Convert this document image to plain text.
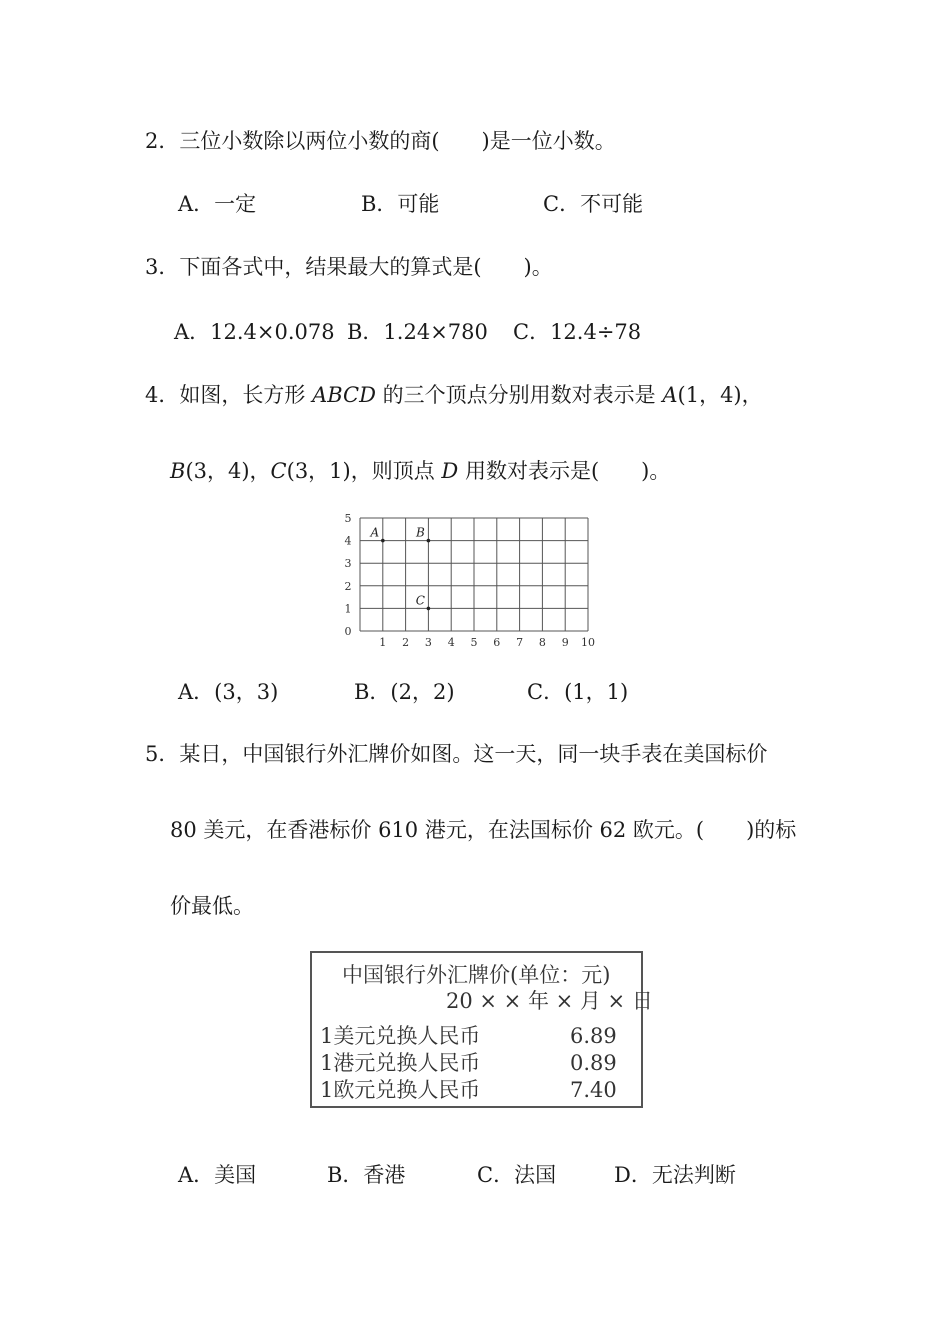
2．三位小数除以两位小数的商(　　)是一位小数。
A．一定	B．可能	C．不可能
3．下面各式中，结果最大的算式是(　　)。
A．12.4×0.078 B．1.24×780 C．12.4÷78
4．如图，长方形 ABCD 的三个顶点分别用数对表示是 A(1，4)，
B(3，4)，C(3，1)，则顶点 D 用数对表示是(　　)。
1 2 3 4 5 6 7 8 9 10
0
1
2
3
4
5
A	B
C
A．(3，3)	B．(2，2)	C．(1，1)
5．某日，中国银行外汇牌价如图。这一天，同一块手表在美国标价
80 美元，在香港标价 610 港元，在法国标价 62 欧元。(　　)的标
价最低。
中国银行外汇牌价(单位：元)
20 × × 年 × 月 × 日
1美元兑换人民币	6.89
1港元兑换人民币	0.89
1欧元兑换人民币	7.40
A．美国	B．香港	C．法国	D．无法判断
